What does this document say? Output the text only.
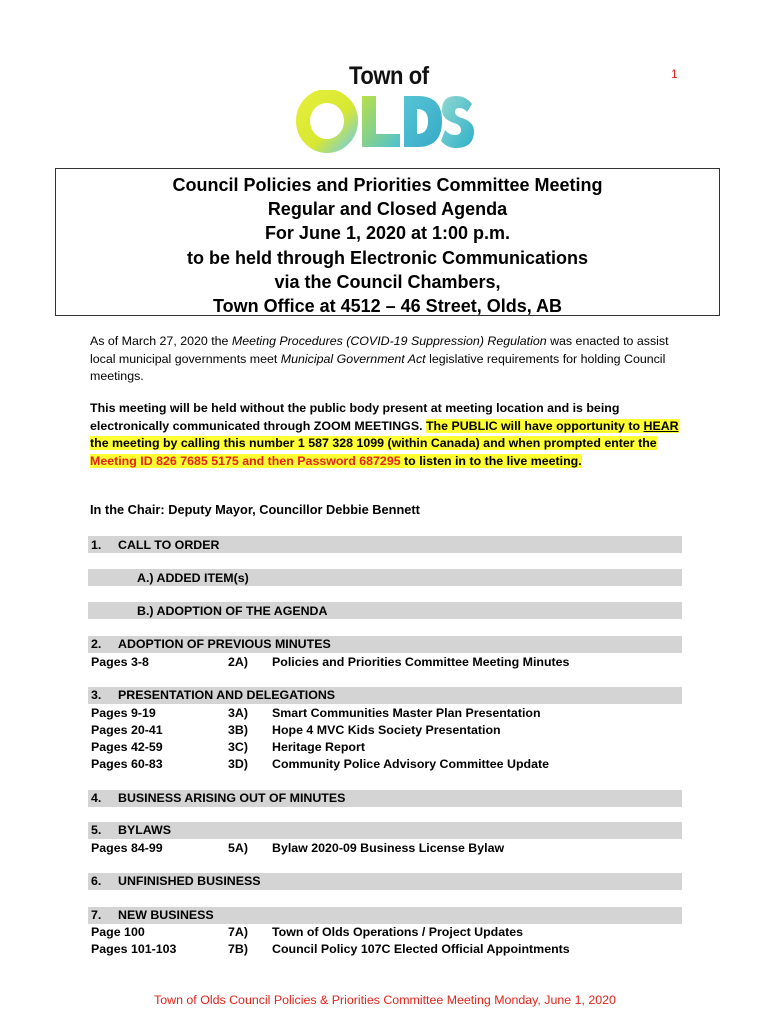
1
Town of
Council Policies and Priorities Committee Meeting
Regular and Closed Agenda
For June 1, 2020 at 1:00 p.m.
to be held through Electronic Communications
via the Council Chambers,
Town Office at 4512 – 46 Street, Olds, AB
As of March 27, 2020 the Meeting Procedures (COVID-19 Suppression) Regulation was enacted to assist local municipal governments meet Municipal Government Act legislative requirements for holding Council meetings.
This meeting will be held without the public body present at meeting location and is being electronically communicated through ZOOM MEETINGS. The PUBLIC will have opportunity to HEAR the meeting by calling this number 1 587 328 1099 (within Canada) and when prompted enter the Meeting ID 826 7685 5175 and then Password 687295 to listen in to the live meeting.
In the Chair: Deputy Mayor, Councillor Debbie Bennett
1. CALL TO ORDER
A.) ADDED ITEM(s)
B.) ADOPTION OF THE AGENDA
2. ADOPTION OF PREVIOUS MINUTES
Pages 3-8	2A) Policies and Priorities Committee Meeting Minutes
3. PRESENTATION AND DELEGATIONS
Pages 9-19	3A) Smart Communities Master Plan Presentation
Pages 20-41	3B) Hope 4 MVC Kids Society Presentation
Pages 42-59	3C) Heritage Report
Pages 60-83	3D) Community Police Advisory Committee Update
4. BUSINESS ARISING OUT OF MINUTES
5. BYLAWS
Pages 84-99	5A) Bylaw 2020-09 Business License Bylaw
6. UNFINISHED BUSINESS
7. NEW BUSINESS
Page 100	7A) Town of Olds Operations / Project Updates
Pages 101-103	7B) Council Policy 107C Elected Official Appointments
Town of Olds Council Policies & Priorities Committee Meeting Monday, June 1, 2020
